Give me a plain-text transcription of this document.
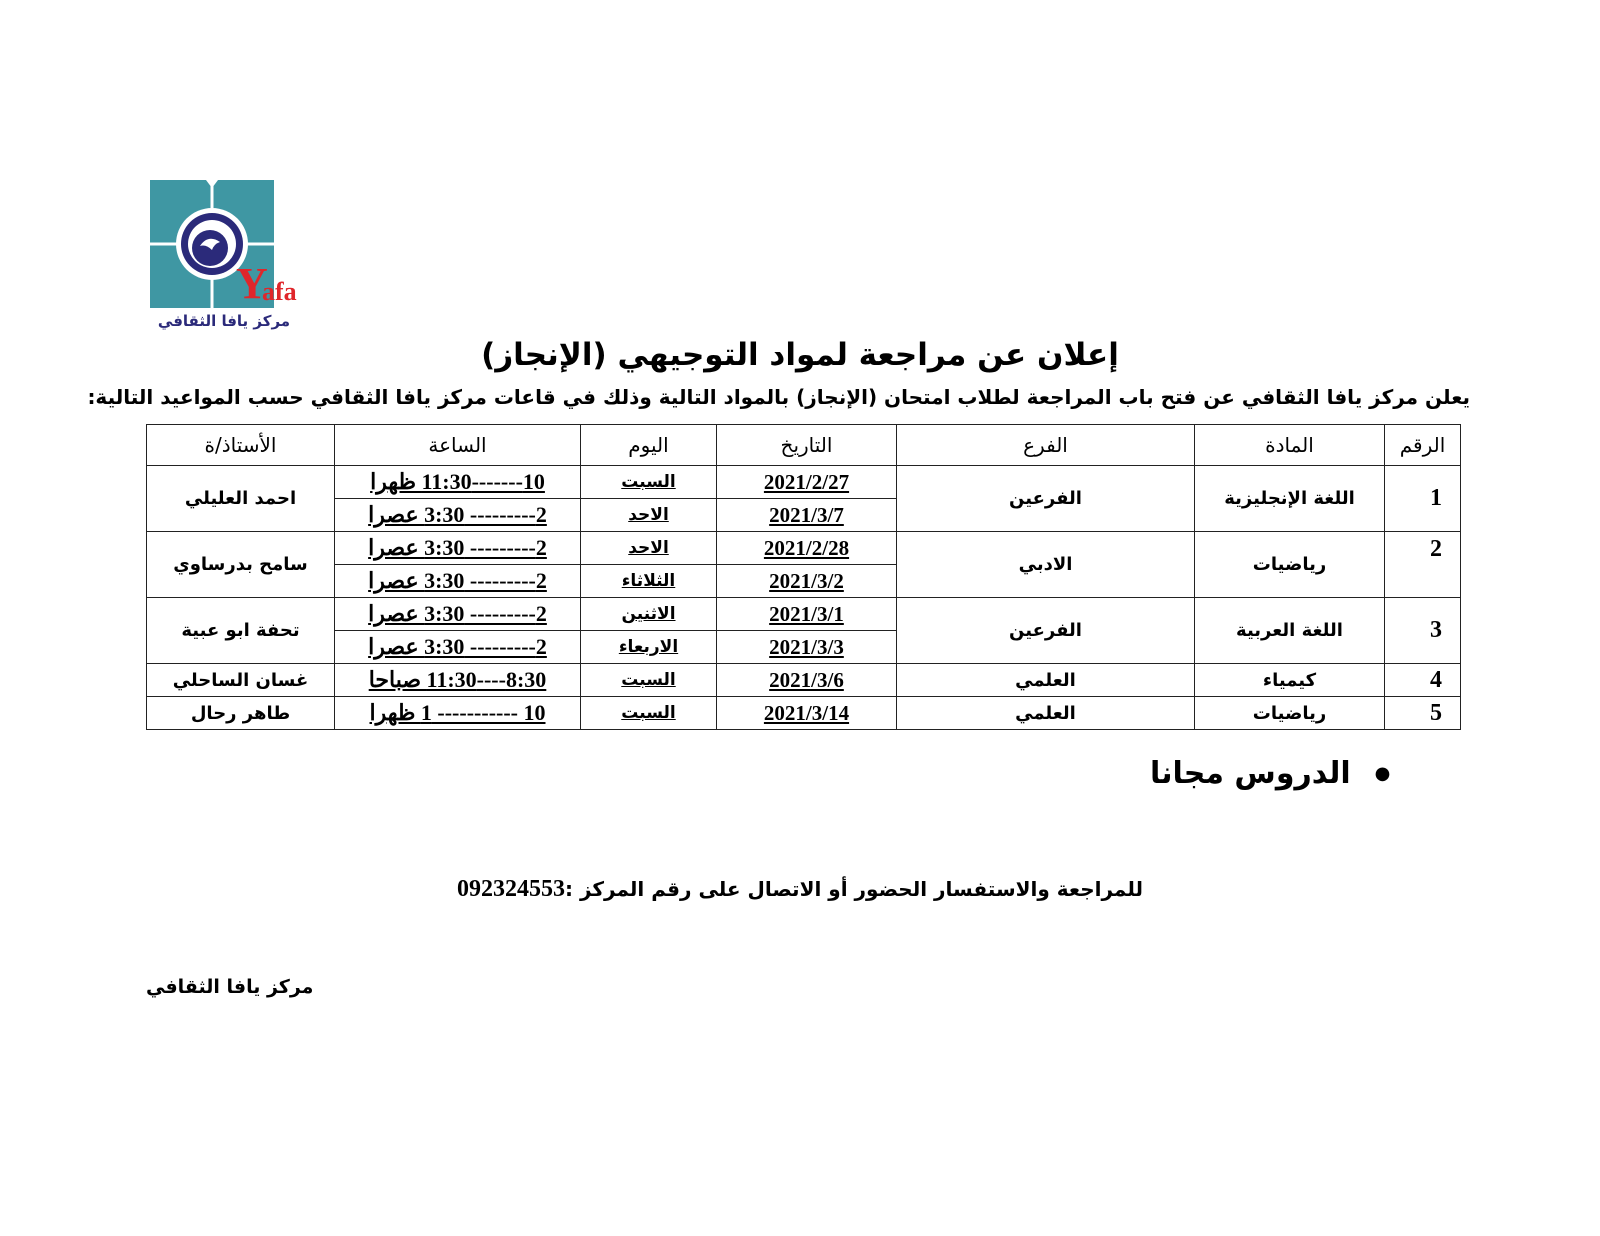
Y
afa
مركز يافا الثقافي
إعلان عن مراجعة لمواد التوجيهي (الإنجاز)
يعلن مركز يافا الثقافي عن فتح باب المراجعة لطلاب امتحان (الإنجاز) بالمواد التالية وذلك في قاعات مركز يافا الثقافي حسب المواعيد التالية:
الرقم	المادة	الفرع	التاريخ	اليوم	الساعة	الأستاذ/ة
1	اللغة الإنجليزية	الفرعين	2021/2/27	السبت	10-------11:30 ظهرا	احمد العليلي
			2021/3/7	الاحد	2--------- 3:30 عصرا	
2	رياضيات	الادبي	2021/2/28	الاحد	2--------- 3:30 عصرا	سامح بدرساوي
			2021/3/2	الثلاثاء	2--------- 3:30 عصرا	
3	اللغة العربية	الفرعين	2021/3/1	الاثنين	2--------- 3:30 عصرا	تحفة ابو عبية
			2021/3/3	الاربعاء	2--------- 3:30 عصرا	
4	كيمياء	العلمي	2021/3/6	السبت	8:30----11:30 صباحا	غسان الساحلي
5	رياضيات	العلمي	2021/3/14	السبت	10 ----------- 1 ظهرا	طاهر رحال
●الدروس مجانا
للمراجعة والاستفسار الحضور أو الاتصال على رقم المركز :092324553
مركز يافا الثقافي
